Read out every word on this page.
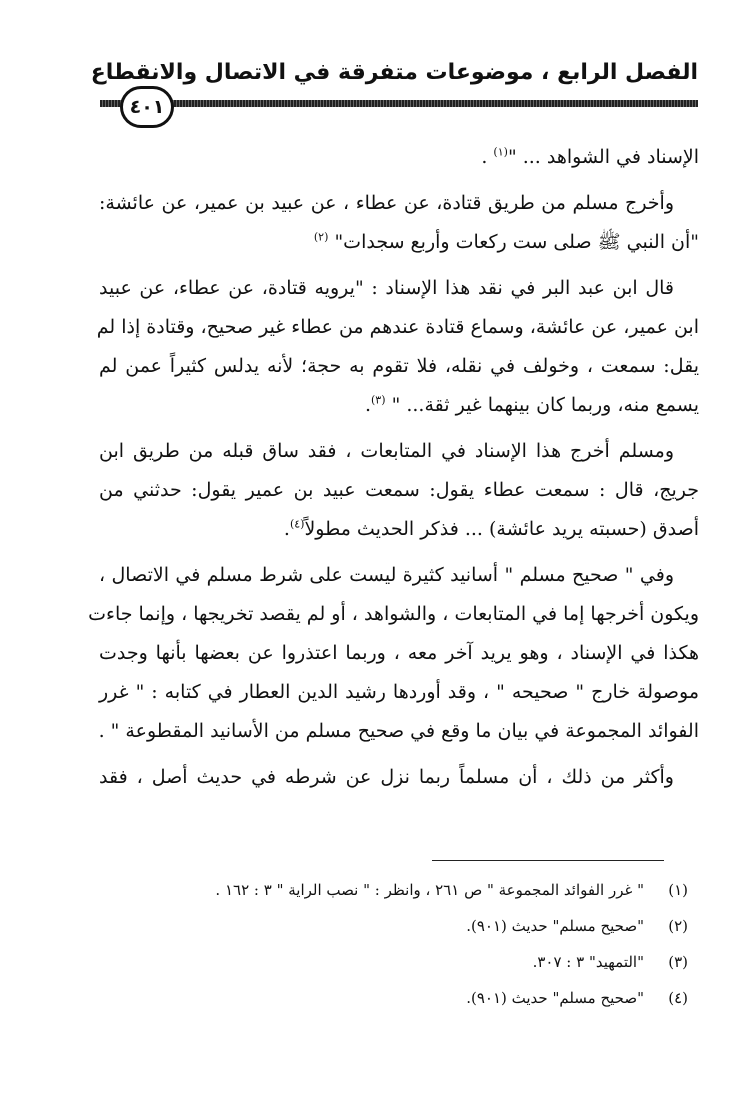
الفصل الرابع ، موضوعات متفرقة في الاتصال والانقطاع
٤٠١
الإسناد في الشواهد ... "$^{(١)}$ .
وأخرج مسلم من طريق قتادة، عن عطاء ، عن عبيد بن عمير، عن عائشة:
"أن النبي ﷺ صلى ست ركعات وأربع سجدات" $^{(٢)}$
قال ابن عبد البر في نقد هذا الإسناد : "يرويه قتادة، عن عطاء، عن عبيد
ابن عمير، عن عائشة، وسماع قتادة عندهم من عطاء غير صحيح، وقتادة إذا لم
يقل: سمعت ، وخولف في نقله، فلا تقوم به حجة؛ لأنه يدلس كثيراً عمن لم
يسمع منه، وربما كان بينهما غير ثقة... " $^{(٣)}$.
ومسلم أخرج هذا الإسناد في المتابعات ، فقد ساق قبله من طريق ابن
جريج، قال : سمعت عطاء يقول: سمعت عبيد بن عمير يقول: حدثني من
أصدق (حسبته يريد عائشة) ... فذكر الحديث مطولاً$^{(٤)}$.
وفي " صحيح مسلم " أسانيد كثيرة ليست على شرط مسلم في الاتصال ،
ويكون أخرجها إما في المتابعات ، والشواهد ، أو لم يقصد تخريجها ، وإنما جاءت
هكذا في الإسناد ، وهو يريد آخر معه ، وربما اعتذروا عن بعضها بأنها وجدت
موصولة خارج " صحيحه " ، وقد أوردها رشيد الدين العطار في كتابه : " غرر
الفوائد المجموعة في بيان ما وقع في صحيح مسلم من الأسانيد المقطوعة " .
وأكثر من ذلك ، أن مسلماً ربما نزل عن شرطه في حديث أصل ، فقد
(١)" غرر الفوائد المجموعة " ص ٢٦١ ، وانظر : " نصب الراية " ٣ : ١٦٢ .
(٢)"صحيح مسلم" حديث (٩٠١).
(٣)"التمهيد" ٣ : ٣٠٧.
(٤)"صحيح مسلم" حديث (٩٠١).
